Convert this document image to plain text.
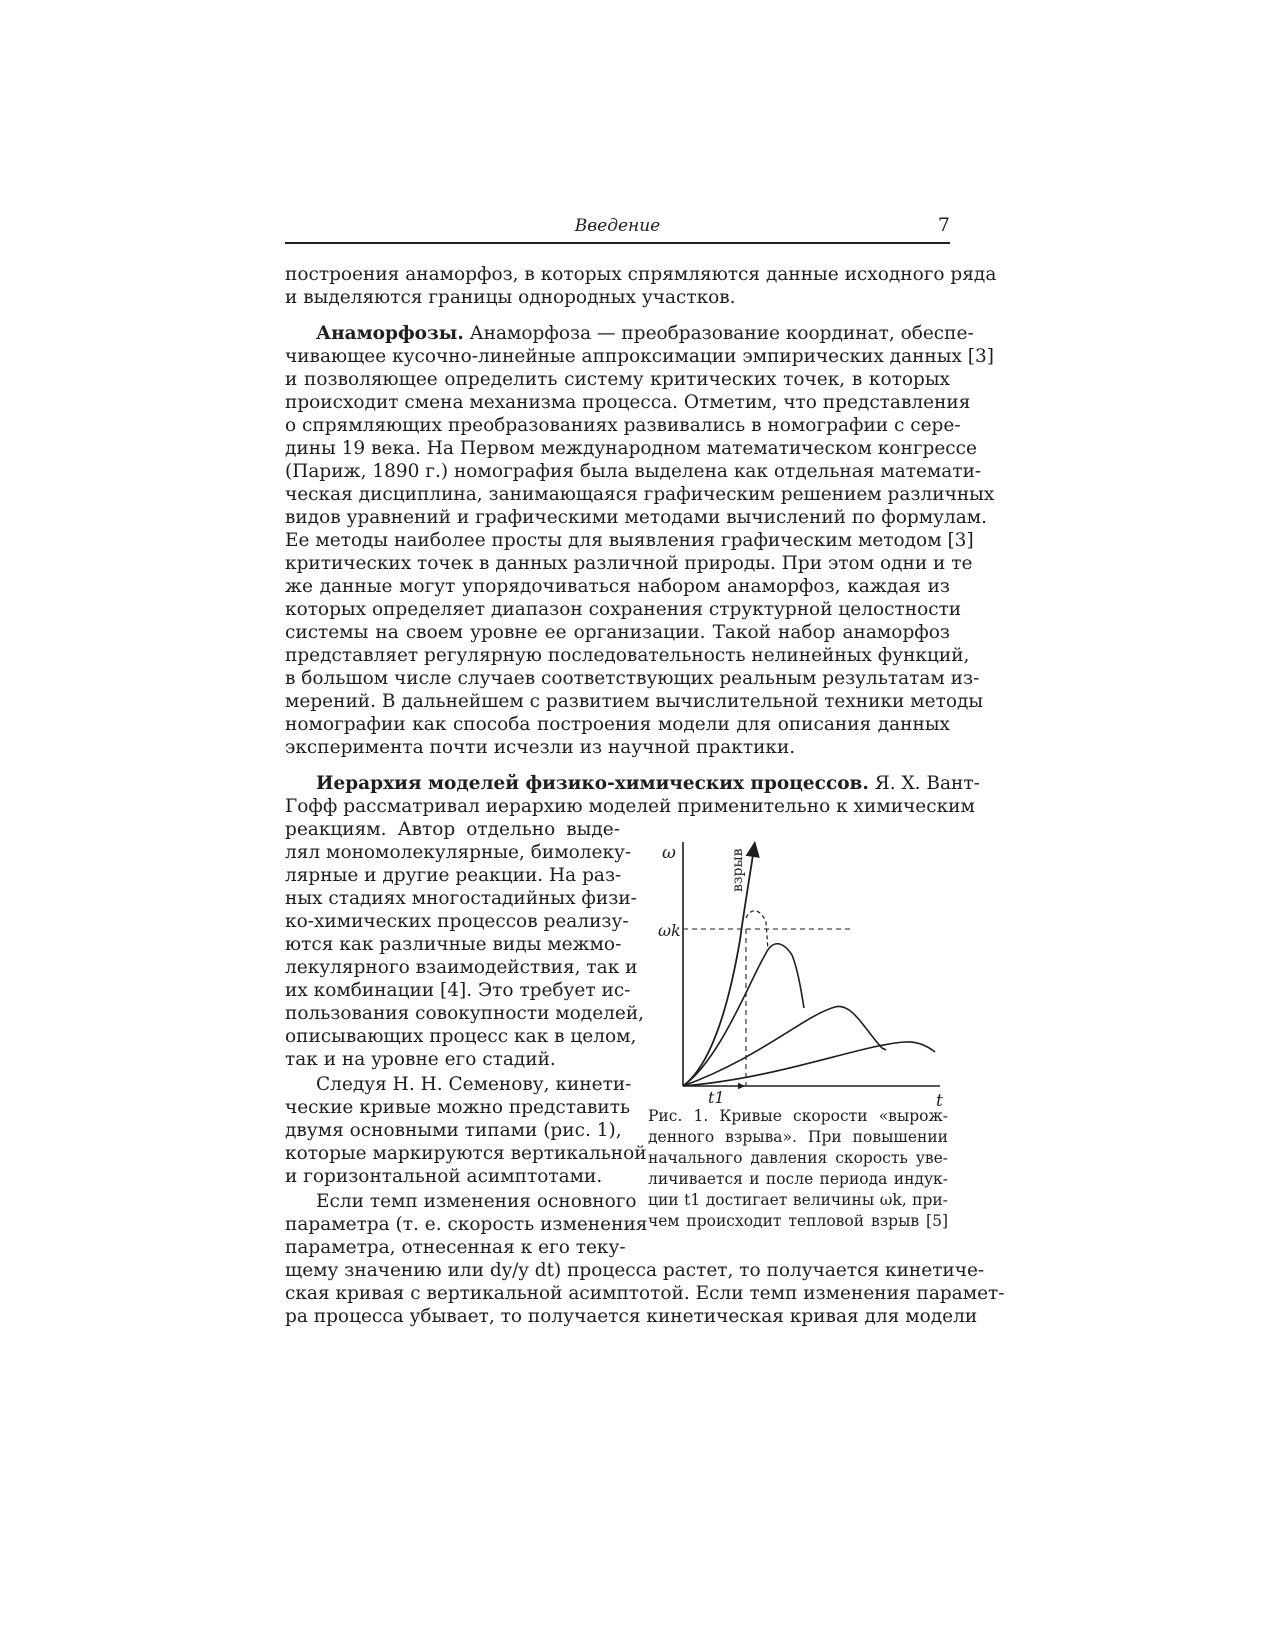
Введение	7
построения анаморфоз, в которых спрямляются данные исходного ряда
и выделяются границы однородных участков.
Анаморфозы. Анаморфоза — преобразование координат, обеспе-
чивающее кусочно-линейные аппроксимации эмпирических данных [3]
и позволяющее определить систему критических точек, в которых
происходит смена механизма процесса. Отметим, что представления
о спрямляющих преобразованиях развивались в номографии с сере-
дины 19 века. На Первом международном математическом конгрессе
(Париж, 1890 г.) номография была выделена как отдельная математи-
ческая дисциплина, занимающаяся графическим решением различных
видов уравнений и графическими методами вычислений по формулам.
Ее методы наиболее просты для выявления графическим методом [3]
критических точек в данных различной природы. При этом одни и те
же данные могут упорядочиваться набором анаморфоз, каждая из
которых определяет диапазон сохранения структурной целостности
системы на своем уровне ее организации. Такой набор анаморфоз
представляет регулярную последовательность нелинейных функций,
в большом числе случаев соответствующих реальным результатам из-
мерений. В дальнейшем с развитием вычислительной техники методы
номографии как способа построения модели для описания данных
эксперимента почти исчезли из научной практики.
Иерархия моделей физико-химических процессов. Я. Х. Вант-
Гофф рассматривал иерархию моделей применительно к химическим
реакциям. Автор отдельно выде-
лял мономолекулярные, бимолеку-
лярные и другие реакции. На раз-
ных стадиях многостадийных физи-
ко-химических процессов реализу-
ются как различные виды межмо-
лекулярного взаимодействия, так и
их комбинации [4]. Это требует ис-
пользования совокупности моделей,
описывающих процесс как в целом,
так и на уровне его стадий.
Следуя Н. Н. Семенову, кинети-
ческие кривые можно представить
двумя основными типами (рис. 1),
которые маркируются вертикальной
и горизонтальной асимптотами.
Если темп изменения основного
параметра (т. е. скорость изменения
параметра, отнесенная к его теку-
щему значению или dy/y dt) процесса растет, то получается кинетиче-
ская кривая с вертикальной асимптотой. Если темп изменения парамет-
ра процесса убывает, то получается кинетическая кривая для модели
ω
t
ωk
t1
взрыв
Рис. 1. Кривые скорости «вырож-
денного взрыва». При повышении
начального давления скорость уве-
личивается и после периода индук-
ции t1 достигает величины ωk, при-
чем происходит тепловой взрыв [5]
